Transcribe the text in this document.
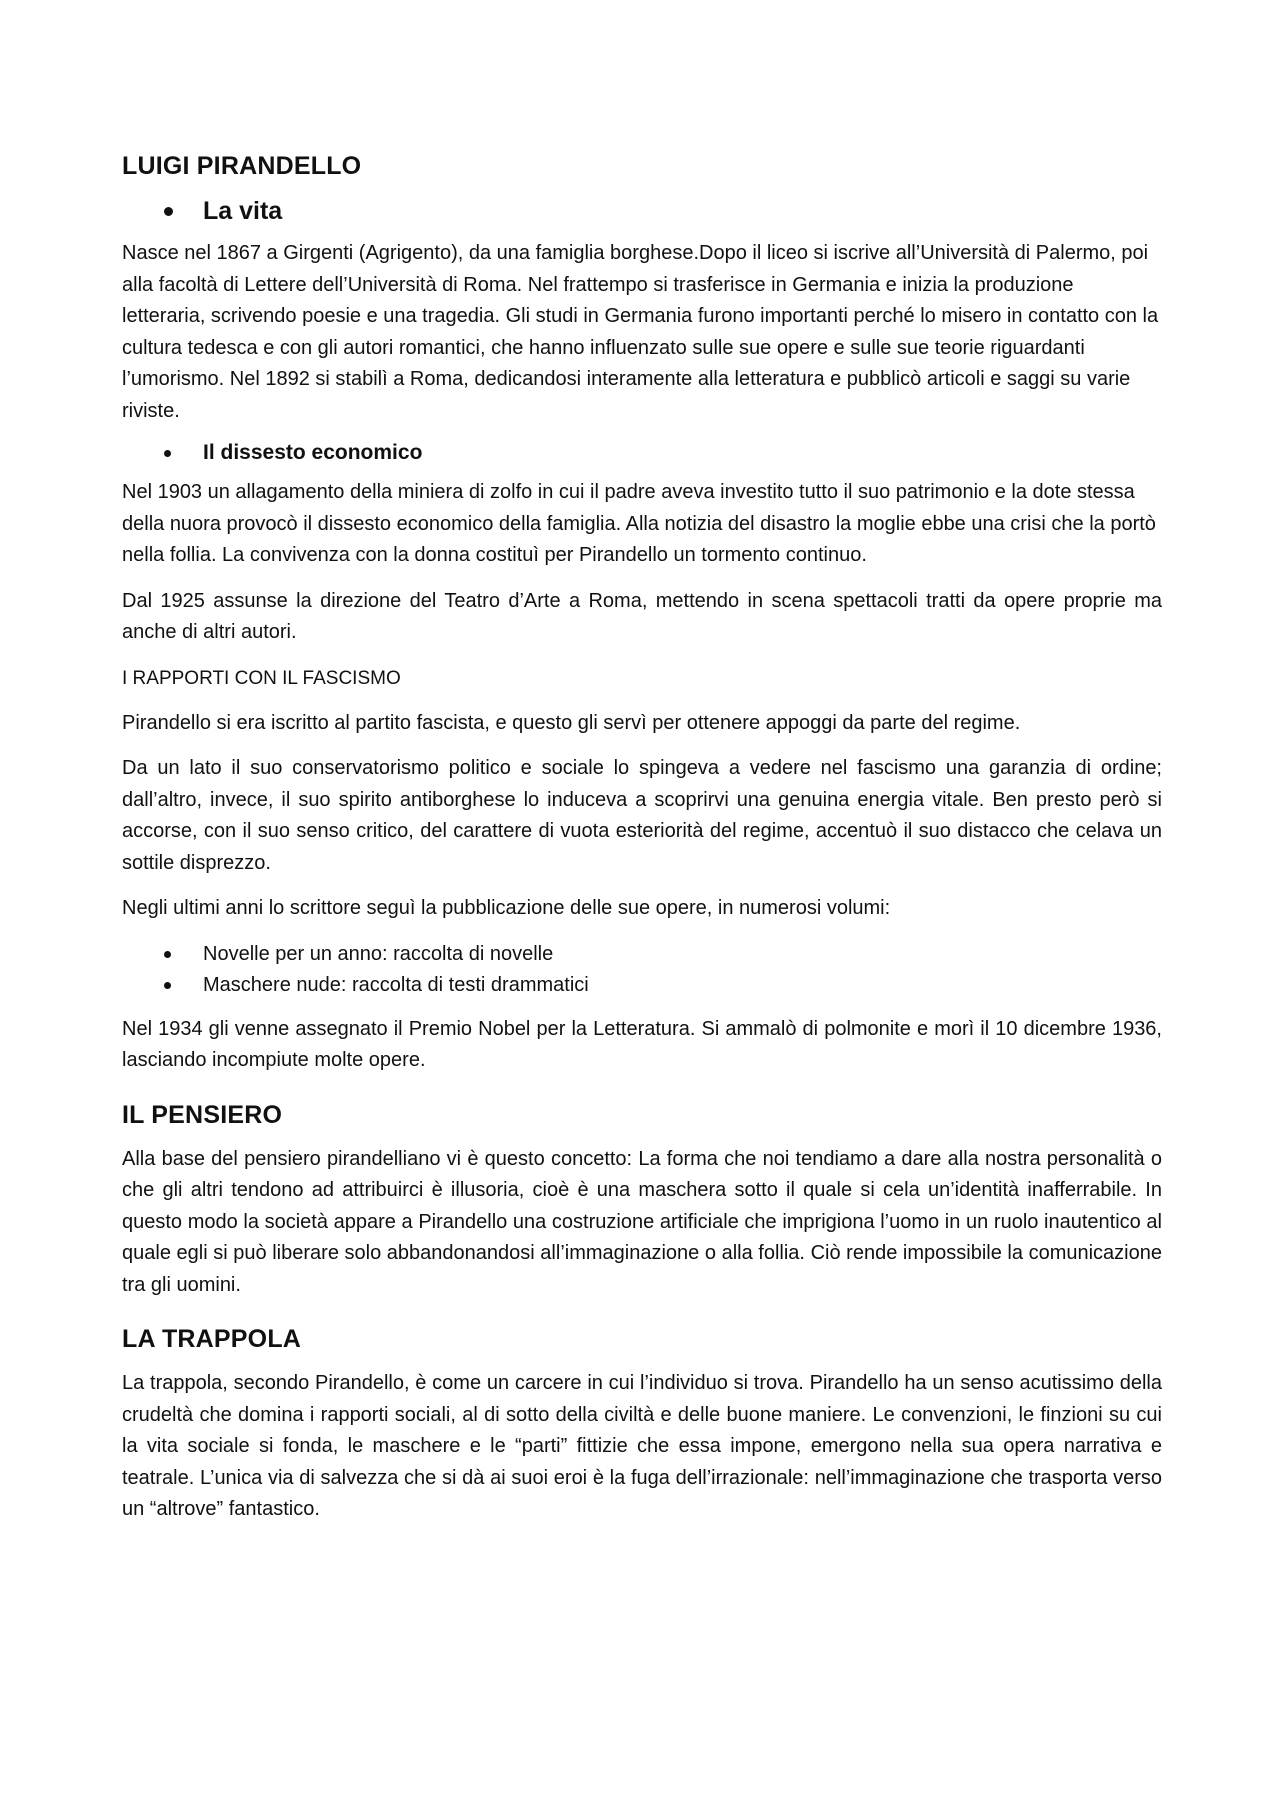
LUIGI PIRANDELLO
La vita

Nasce nel 1867 a Girgenti (Agrigento), da una famiglia borghese.Dopo il liceo si iscrive all’Università di Palermo, poi alla facoltà di Lettere dell’Università di Roma. Nel frattempo si trasferisce in Germania e inizia la produzione letteraria, scrivendo poesie e una tragedia. Gli studi in Germania furono importanti perché lo misero in contatto con la cultura tedesca e con gli autori romantici, che hanno influenzato sulle sue opere e sulle sue teorie riguardanti l’umorismo. Nel 1892 si stabilì a Roma, dedicandosi interamente alla letteratura e pubblicò articoli e saggi su varie riviste.

Il dissesto economico

Nel 1903 un allagamento della miniera di zolfo in cui il padre aveva investito tutto il suo patrimonio e la dote stessa della nuora provocò il dissesto economico della famiglia. Alla notizia del disastro la moglie ebbe una crisi che la portò nella follia. La convivenza con la donna costituì per Pirandello un tormento continuo.

Dal 1925 assunse la direzione del Teatro d’Arte a Roma, mettendo in scena spettacoli tratti da opere proprie ma anche di altri autori.

I RAPPORTI CON IL FASCISMO

Pirandello si era iscritto al partito fascista, e questo gli servì per ottenere appoggi da parte del regime.

Da un lato il suo conservatorismo politico e sociale lo spingeva a vedere nel fascismo una garanzia di ordine; dall’altro, invece, il suo spirito antiborghese lo induceva a scoprirvi una genuina energia vitale. Ben presto però si accorse, con il suo senso critico, del carattere di vuota esteriorità del regime, accentuò il suo distacco che celava un sottile disprezzo.

Negli ultimi anni lo scrittore seguì la pubblicazione delle sue opere, in numerosi volumi:

Novelle per un anno: raccolta di novelle
Maschere nude: raccolta di testi drammatici

Nel 1934 gli venne assegnato il Premio Nobel per la Letteratura. Si ammalò di polmonite e morì il 10 dicembre 1936, lasciando incompiute molte opere.

IL PENSIERO

Alla base del pensiero pirandelliano vi è questo concetto: La forma che noi tendiamo a dare alla nostra personalità o che gli altri tendono ad attribuirci è illusoria, cioè è una maschera sotto il quale si cela un’identità inafferrabile. In questo modo la società appare a Pirandello una costruzione artificiale che imprigiona l’uomo in un ruolo inautentico al quale egli si può liberare solo abbandonandosi all’immaginazione o alla follia. Ciò rende impossibile la comunicazione tra gli uomini.

LA TRAPPOLA

La trappola, secondo Pirandello, è come un carcere in cui l’individuo si trova. Pirandello ha un senso acutissimo della crudeltà che domina i rapporti sociali, al di sotto della civiltà e delle buone maniere. Le convenzioni, le finzioni su cui la vita sociale si fonda, le maschere e le “parti” fittizie che essa impone, emergono nella sua opera narrativa e teatrale. L’unica via di salvezza che si dà ai suoi eroi è la fuga dell’irrazionale: nell’immaginazione che trasporta verso un “altrove” fantastico.
